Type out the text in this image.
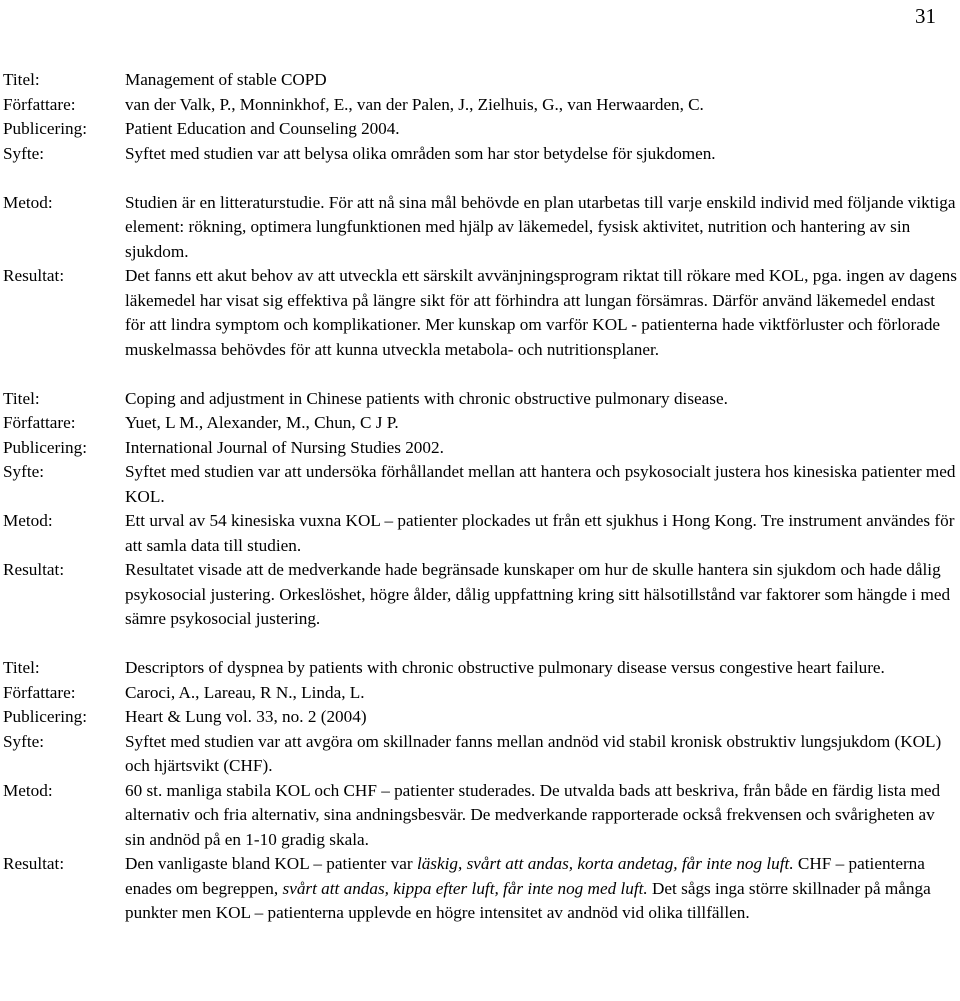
31
Titel:	Management of stable COPD
Författare:	van der Valk, P., Monninkhof, E., van der Palen, J., Zielhuis, G., van Herwaarden, C.
Publicering:	Patient Education and Counseling 2004.
Syfte:	Syftet med studien var att belysa olika områden som har stor betydelse för sjukdomen.
Metod:	Studien är en litteraturstudie. För att nå sina mål behövde en plan utarbetas till varje enskild individ med följande viktiga element: rökning, optimera lungfunktionen med hjälp av läkemedel, fysisk aktivitet, nutrition och hantering av sin sjukdom.
Resultat:	Det fanns ett akut behov av att utveckla ett särskilt avvänjningsprogram riktat till rökare med KOL, pga. ingen av dagens läkemedel har visat sig effektiva på längre sikt för att förhindra att lungan försämras. Därför använd läkemedel endast för att lindra symptom och komplikationer. Mer kunskap om varför KOL - patienterna hade viktförluster och förlorade muskelmassa behövdes för att kunna utveckla metabola- och nutritionsplaner.
Titel:	Coping and adjustment in Chinese patients with chronic obstructive pulmonary disease.
Författare:	Yuet, L M., Alexander, M., Chun, C J P.
Publicering:	International Journal of Nursing Studies 2002.
Syfte:	Syftet med studien var att undersöka förhållandet mellan att hantera och psykosocialt justera hos kinesiska patienter med KOL.
Metod:	Ett urval av 54 kinesiska vuxna KOL – patienter plockades ut från ett sjukhus i Hong Kong. Tre instrument användes för att samla data till studien.
Resultat:	Resultatet visade att de medverkande hade begränsade kunskaper om hur de skulle hantera sin sjukdom och hade dålig psykosocial justering. Orkeslöshet, högre ålder, dålig uppfattning kring sitt hälsotillstånd var faktorer som hängde i med sämre psykosocial justering.
Titel:	Descriptors of dyspnea by patients with chronic obstructive pulmonary disease versus congestive heart failure.
Författare:	Caroci, A., Lareau, R N., Linda, L.
Publicering:	Heart & Lung vol. 33, no. 2 (2004)
Syfte:	Syftet med studien var att avgöra om skillnader fanns mellan andnöd vid stabil kronisk obstruktiv lungsjukdom (KOL) och hjärtsvikt (CHF).
Metod:	60 st. manliga stabila KOL och CHF – patienter studerades. De utvalda bads att beskriva, från både en färdig lista med alternativ och fria alternativ, sina andningsbesvär. De medverkande rapporterade också frekvensen och svårigheten av sin andnöd på en 1-10 gradig skala.
Resultat:	Den vanligaste bland KOL – patienter var läskig, svårt att andas, korta andetag, får inte nog luft. CHF – patienterna enades om begreppen, svårt att andas, kippa efter luft, får inte nog med luft. Det sågs inga större skillnader på många punkter men KOL – patienterna upplevde en högre intensitet av andnöd vid olika tillfällen.
